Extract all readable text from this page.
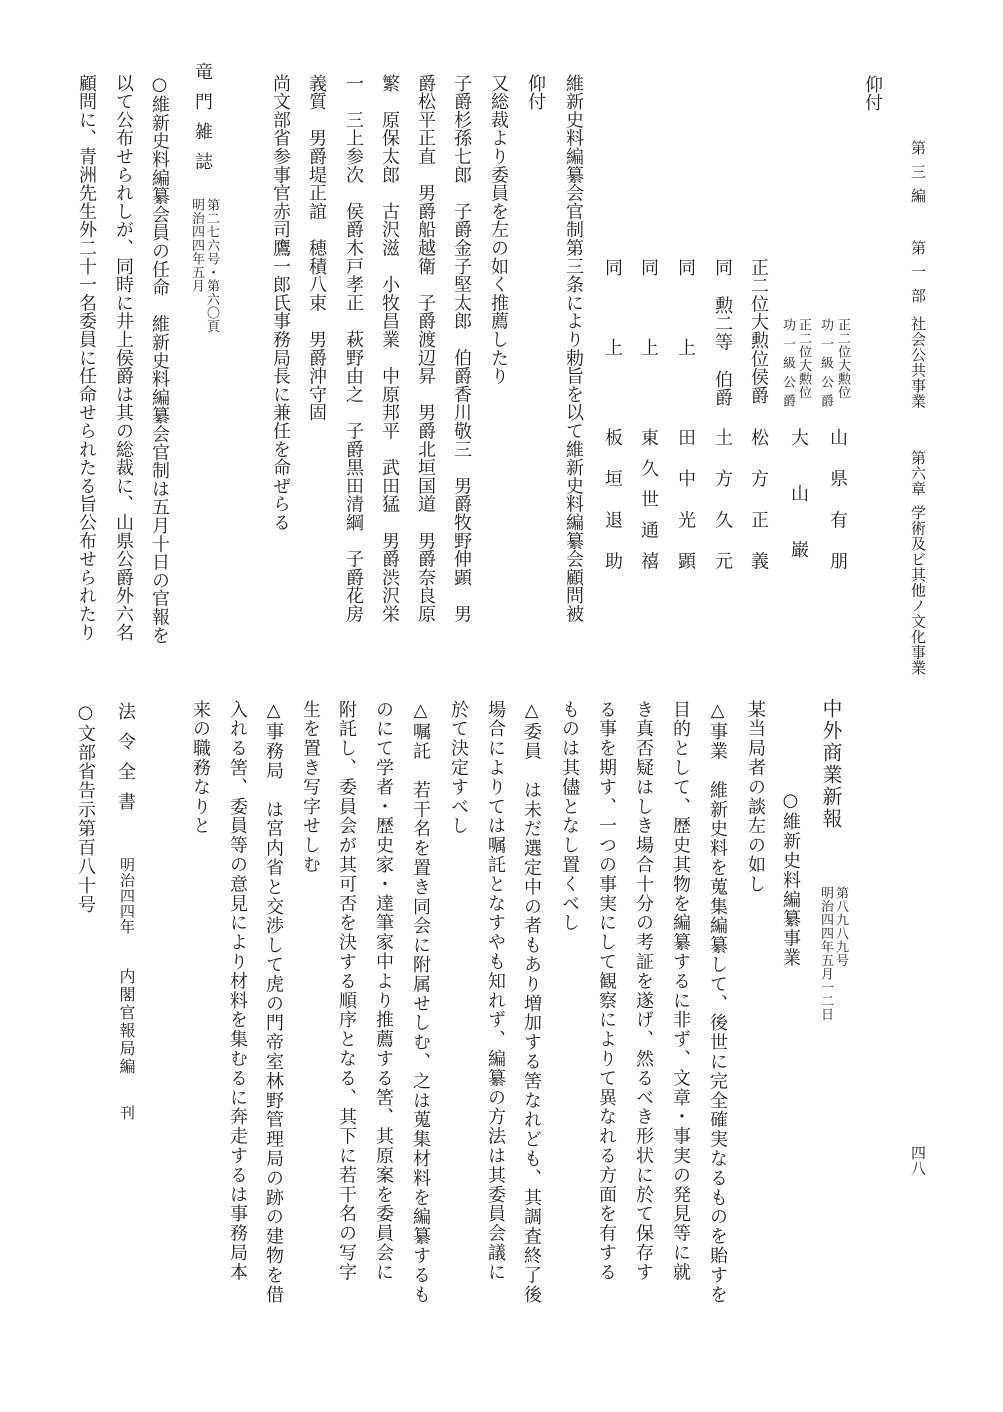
第三編
第一部
社会公共事業
第六章
学術及ビ其他ノ文化事業
四八
仰付
正二位大勲位
功一級公爵
山県有朋
正二位大勲位
功一級公爵
大山巌
正二位大勲位侯爵
松方正義
同
勲二等
伯爵
土方久元
同
上
田中光顕
同
上
東久世通禧
同
上
板垣退助
維新史料編纂会官制第三条により勅旨を以て維新史料編纂会顧問被
仰付
又総裁より委員を左の如く推薦したり
子爵杉孫七郎　子爵金子堅太郎　伯爵香川敬三　男爵牧野伸顕　男
爵松平正直　男爵船越衛　子爵渡辺昇　男爵北垣国道　男爵奈良原
繁　原保太郎　古沢滋　小牧昌業　中原邦平　武田猛　男爵渋沢栄
一　三上参次　侯爵木戸孝正　萩野由之　子爵黒田清綱　子爵花房
義質　男爵堤正誼　穂積八束　男爵沖守固
尚文部省参事官赤司鷹一郎氏事務局長に兼任を命ぜらる
竜門雑誌
第二七六号・第六〇頁
明治四四年五月
○維新史料編纂会員の任命　維新史料編纂会官制は五月十日の官報を
以て公布せられしが、同時に井上侯爵は其の総裁に、山県公爵外六名
顧問に、青洲先生外二十一名委員に任命せられたる旨公布せられたり
中外商業新報
第八九八九号
明治四四年五月一二日
○維新史料編纂事業
某当局者の談左の如し
△事業　維新史料を蒐集編纂して、後世に完全確実なるものを貽すを
目的として、歴史其物を編纂するに非ず、文章・事実の発見等に就
き真否疑はしき場合十分の考証を遂げ、然るべき形状に於て保存す
る事を期す、一つの事実にして観察によりて異なれる方面を有する
ものは其儘となし置くべし
△委員　は未だ選定中の者もあり増加する筈なれども、其調査終了後
場合によりては嘱託となすやも知れず、編纂の方法は其委員会議に
於て決定すべし
△嘱託　若干名を置き同会に附属せしむ、之は蒐集材料を編纂するも
のにて学者・歴史家・達筆家中より推薦する筈、其原案を委員会に
附託し、委員会が其可否を決する順序となる、其下に若干名の写字
生を置き写字せしむ
△事務局　は宮内省と交渉して虎の門帝室林野管理局の跡の建物を借
入れる筈、委員等の意見により材料を集むるに奔走するは事務局本
来の職務なりと
法令全書
明治四四年
内閣官報局編
刊
○文部省告示第百八十号
